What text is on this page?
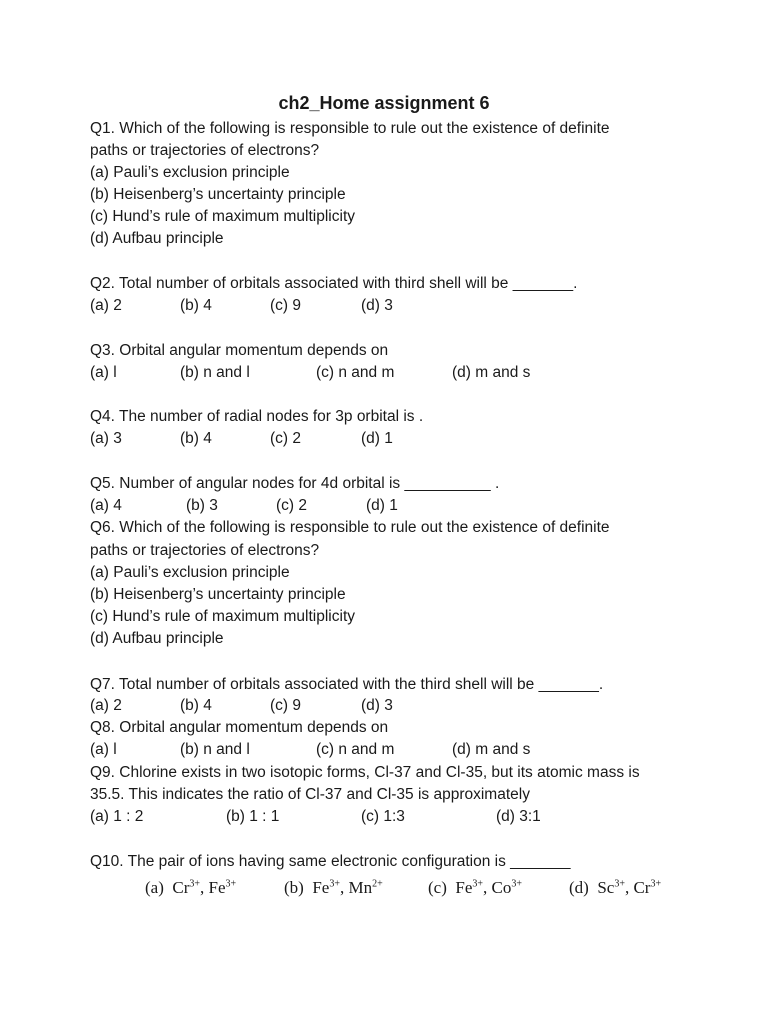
ch2_Home assignment 6
Q1. Which of the following is responsible to rule out the existence of definite
paths or trajectories of electrons?
(a) Pauli’s exclusion principle
(b) Heisenberg’s uncertainty principle
(c) Hund’s rule of maximum multiplicity
(d) Aufbau principle
Q2. Total number of orbitals associated with third shell will be _______.
(a) 2	(b) 4	(c) 9	(d) 3
Q3. Orbital angular momentum depends on
(a) l	(b) n and l	(c) n and m	(d) m and s
Q4. The number of radial nodes for 3p orbital is .
(a) 3	(b) 4	(c) 2	(d) 1
Q5. Number of angular nodes for 4d orbital is __________ .
(a) 4	(b) 3	(c) 2	(d) 1
Q6. Which of the following is responsible to rule out the existence of definite
paths or trajectories of electrons?
(a) Pauli’s exclusion principle
(b) Heisenberg’s uncertainty principle
(c) Hund’s rule of maximum multiplicity
(d) Aufbau principle
Q7. Total number of orbitals associated with the third shell will be _______.
(a) 2	(b) 4	(c) 9	(d) 3
Q8. Orbital angular momentum depends on
(a) l	(b) n and l	(c) n and m	(d) m and s
Q9. Chlorine exists in two isotopic forms, Cl-37 and Cl-35, but its atomic mass is
35.5. This indicates the ratio of Cl-37 and Cl-35 is approximately
(a) 1 : 2	(b) 1 : 1	(c) 1:3	(d) 3:1
Q10. The pair of ions having same electronic configuration is _______
(a) $Cr^{3+}$, $Fe^{3+}$	(b) $Fe^{3+}$, $Mn^{2+}$	(c) $Fe^{3+}$, $Co^{3+}$	(d) $Sc^{3+}$, $Cr^{3+}$
